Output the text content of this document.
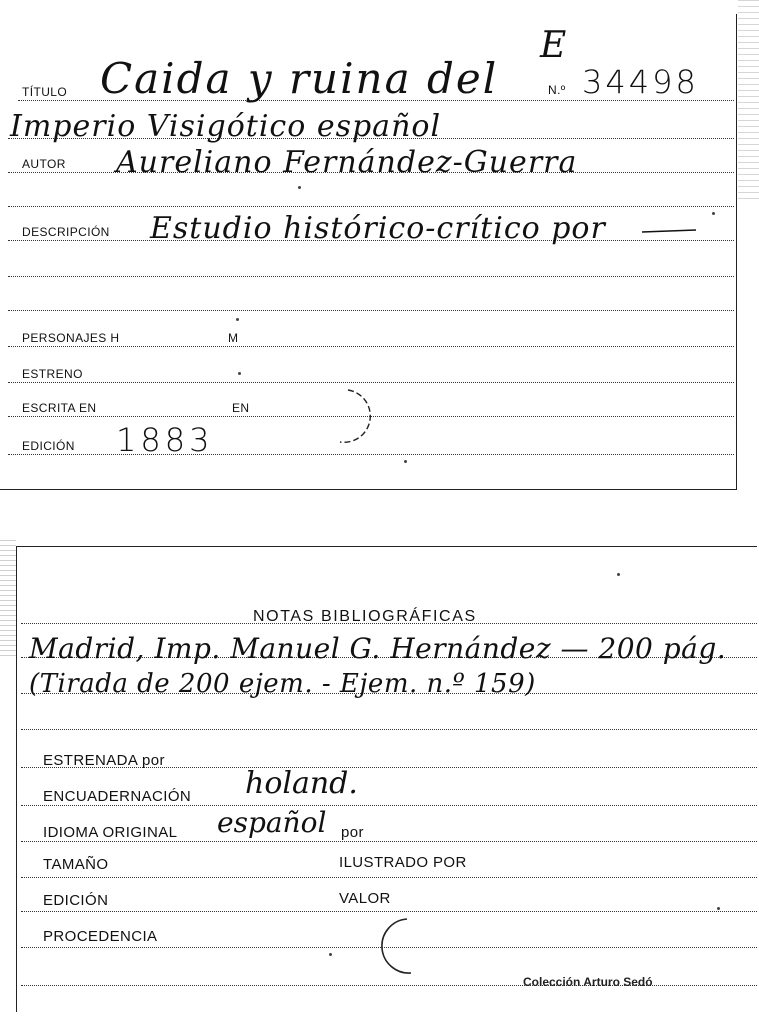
E
N.º 34498
TÍTULO Caida y ruina del
Imperio Visigótico español
AUTOR Aureliano Fernández-Guerra
DESCRIPCIÓN Estudio histórico-crítico por
PERSONAJES H	M
ESTRENO
ESCRITA EN	EN
EDICIÓN 1883
NOTAS BIBLIOGRÁFICAS
Madrid, Imp. Manuel G. Hernández — 200 pág.
(Tirada de 200 ejem. - Ejem. n.º 159)
ESTRENADA por
ENCUADERNACIÓN holand.
IDIOMA ORIGINAL español por
TAMAÑO	ILUSTRADO POR
EDICIÓN	VALOR
PROCEDENCIA
Colección Arturo Sedó
